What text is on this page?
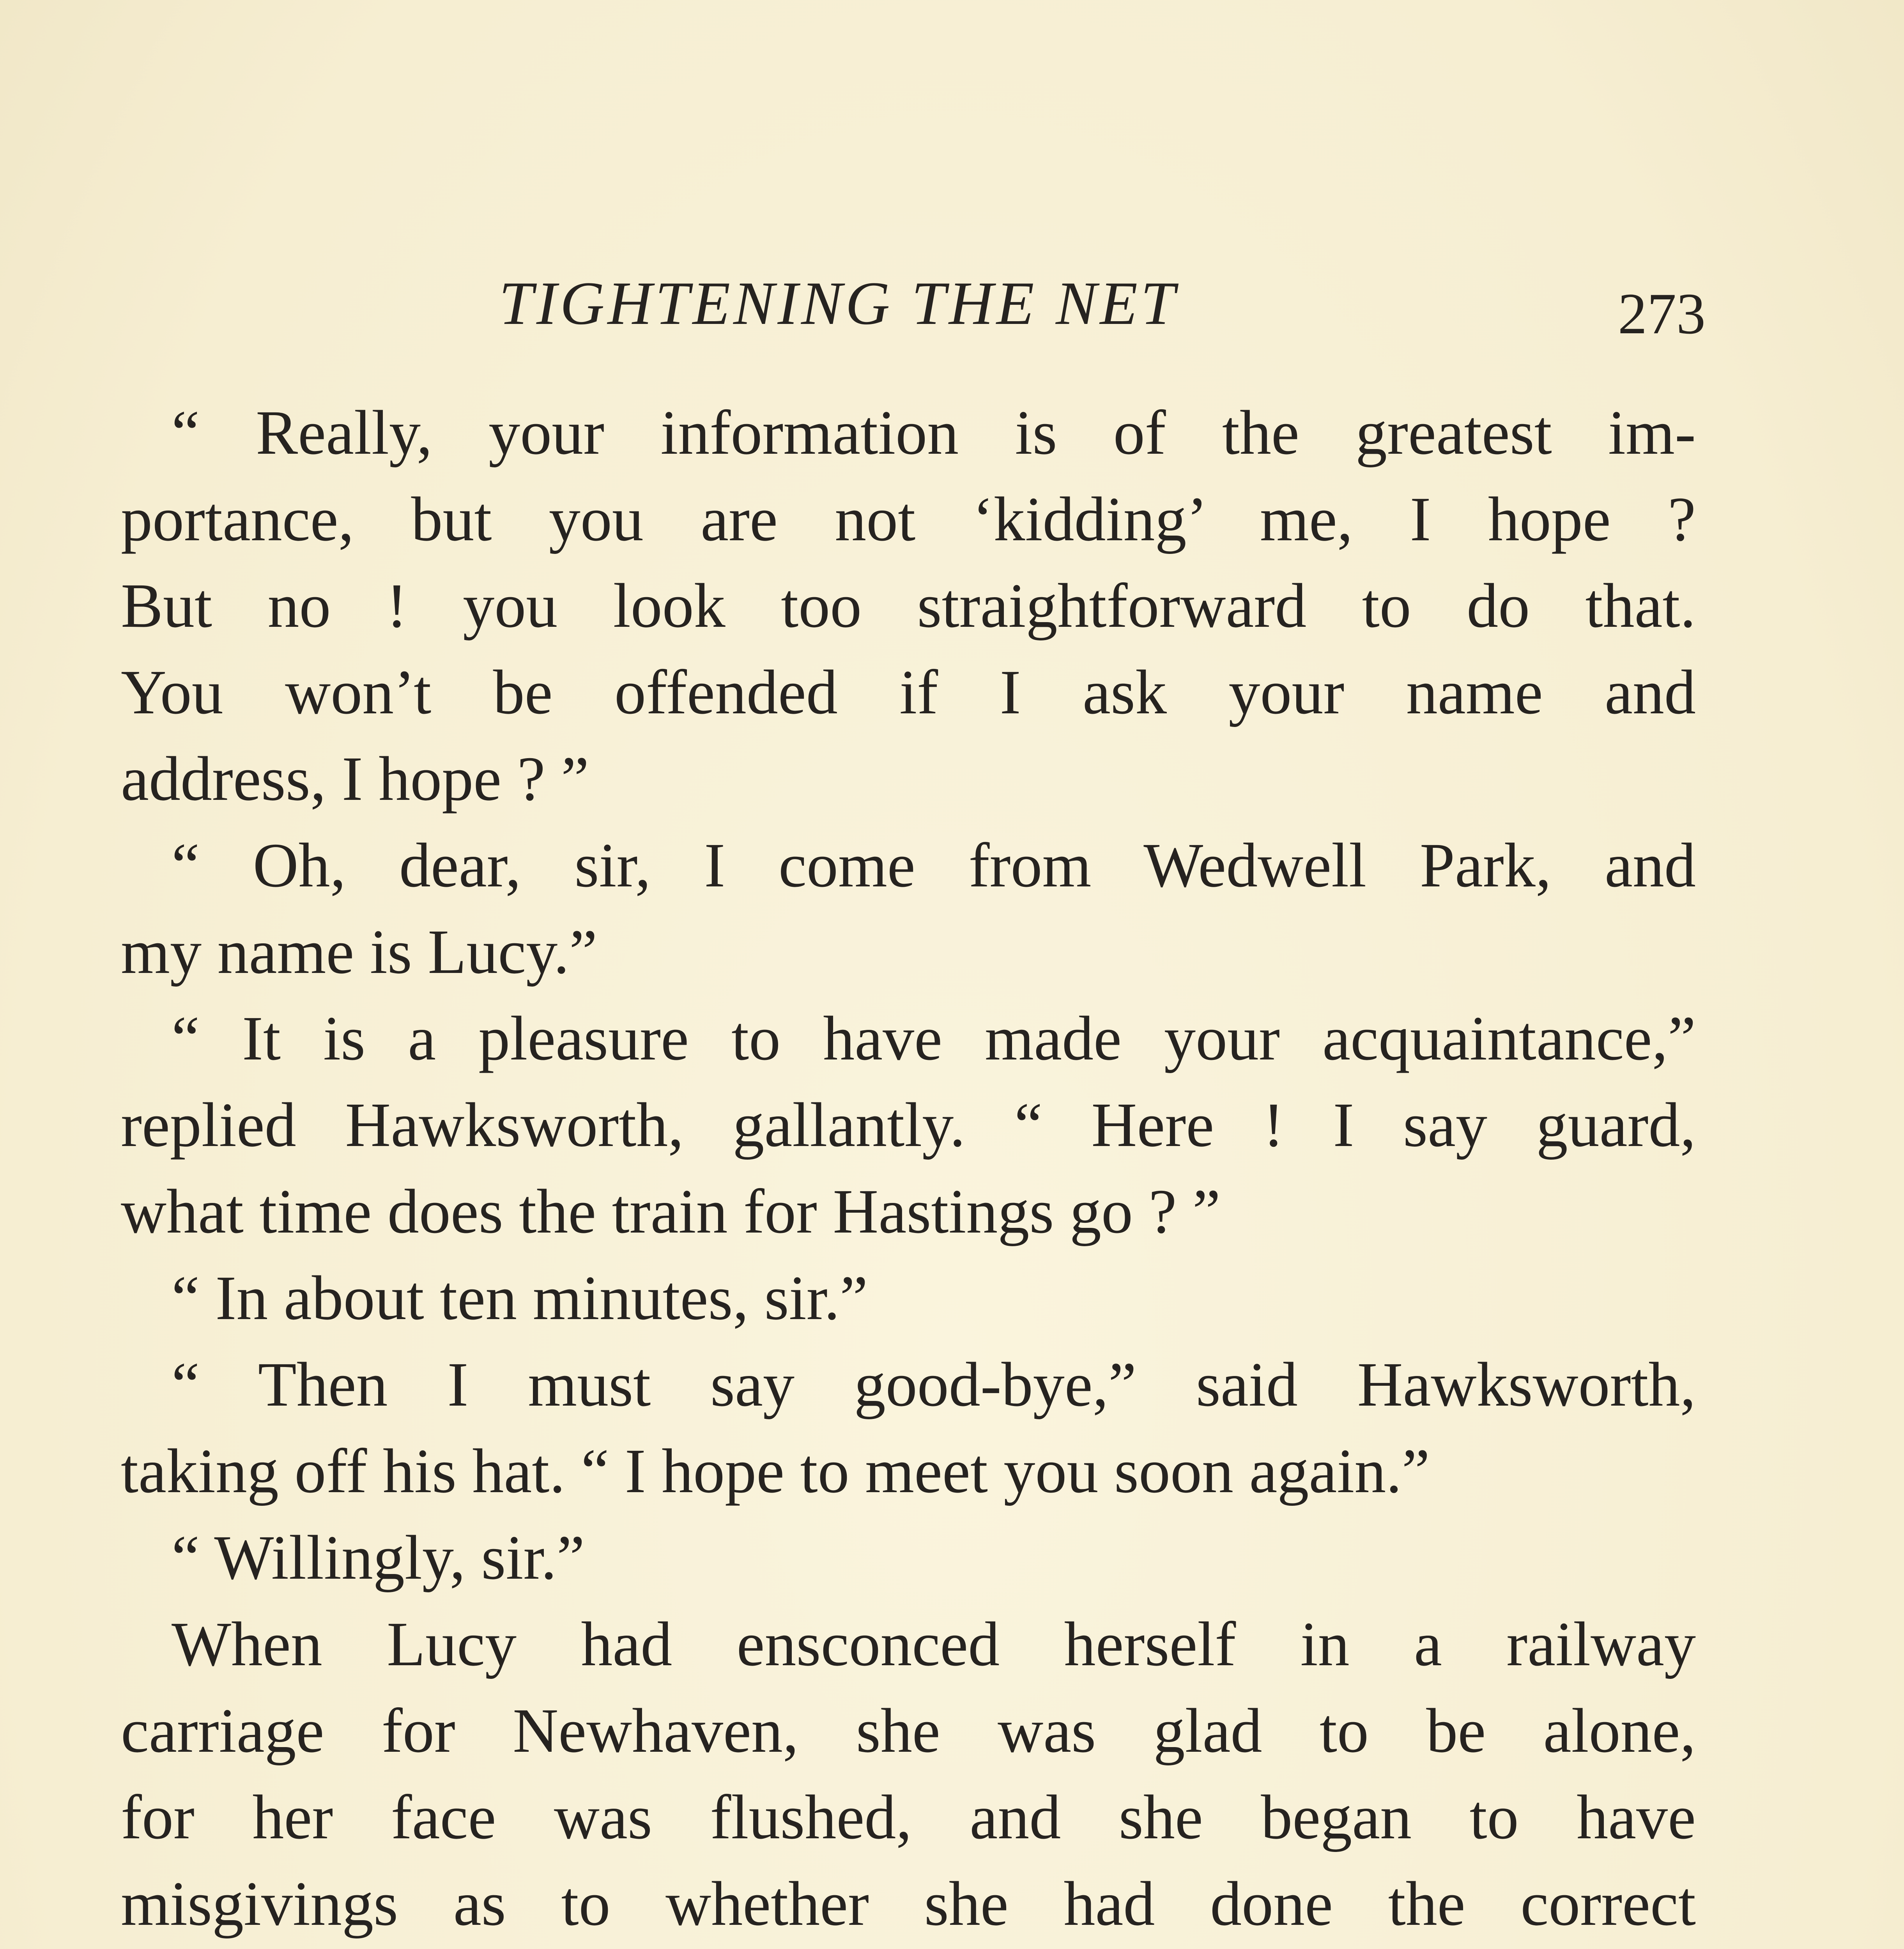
TIGHTENING THE NET	273
“ Really, your information is of the greatest im-
portance, but you are not ‘kidding’ me, I hope ?
But no ! you look too straightforward to do that.
You won’t be offended if I ask your name and
address, I hope ? ”
“ Oh, dear, sir, I come from Wedwell Park, and
my name is Lucy.”
“ It is a pleasure to have made your acquaintance,”
replied Hawksworth, gallantly. “ Here ! I say guard,
what time does the train for Hastings go ? ”
“ In about ten minutes, sir.”
“ Then I must say good-bye,” said Hawksworth,
taking off his hat. “ I hope to meet you soon again.”
“ Willingly, sir.”
When Lucy had ensconced herself in a railway
carriage for Newhaven, she was glad to be alone,
for her face was flushed, and she began to have
misgivings as to whether she had done the correct
